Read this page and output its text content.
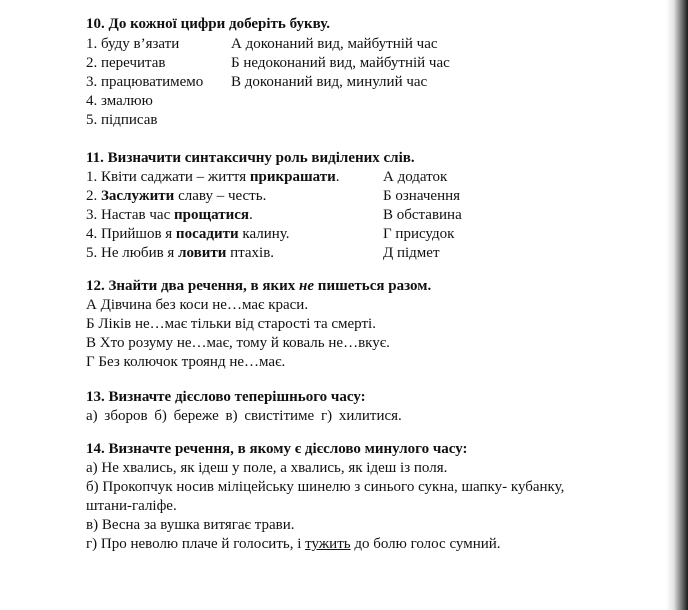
10. До кожної цифри доберіть букву.
1. буду в’язати
2. перечитав
3. працюватимемо
4. змалюю
5. підписав
А доконаний вид, майбутній час
Б недоконаний вид, майбутній час
В доконаний вид, минулий час
11. Визначити синтаксичну роль виділених слів.
1. Квіти саджати – життя прикрашати.
2. Заслужити славу – честь.
3. Настав час прощатися.
4. Прийшов я посадити калину.
5. Не любив я ловити птахів.
А додаток
Б означення
В обставина
Г присудок
Д підмет
12. Знайти два речення, в яких не пишеться разом.
А Дівчина без коси не…має краси.
Б Ліків не…має тільки від старості та смерті.
В Хто розуму не…має, тому й коваль не…вкує.
Г Без колючок троянд не…має.
13. Визначте дієслово теперішнього часу:
а) зборов б) береже в) свистітиме г) хилитися.
14. Визначте речення, в якому є дієслово минулого часу:
а) Не хвались, як ідеш у поле, а хвались, як ідеш із поля.
б) Прокопчук носив міліцейську шинелю з синього сукна, шапку- кубанку,
штани-галіфе.
в) Весна за вушка витягає трави.
г) Про неволю плаче й голосить, і тужить до болю голос сумний.
